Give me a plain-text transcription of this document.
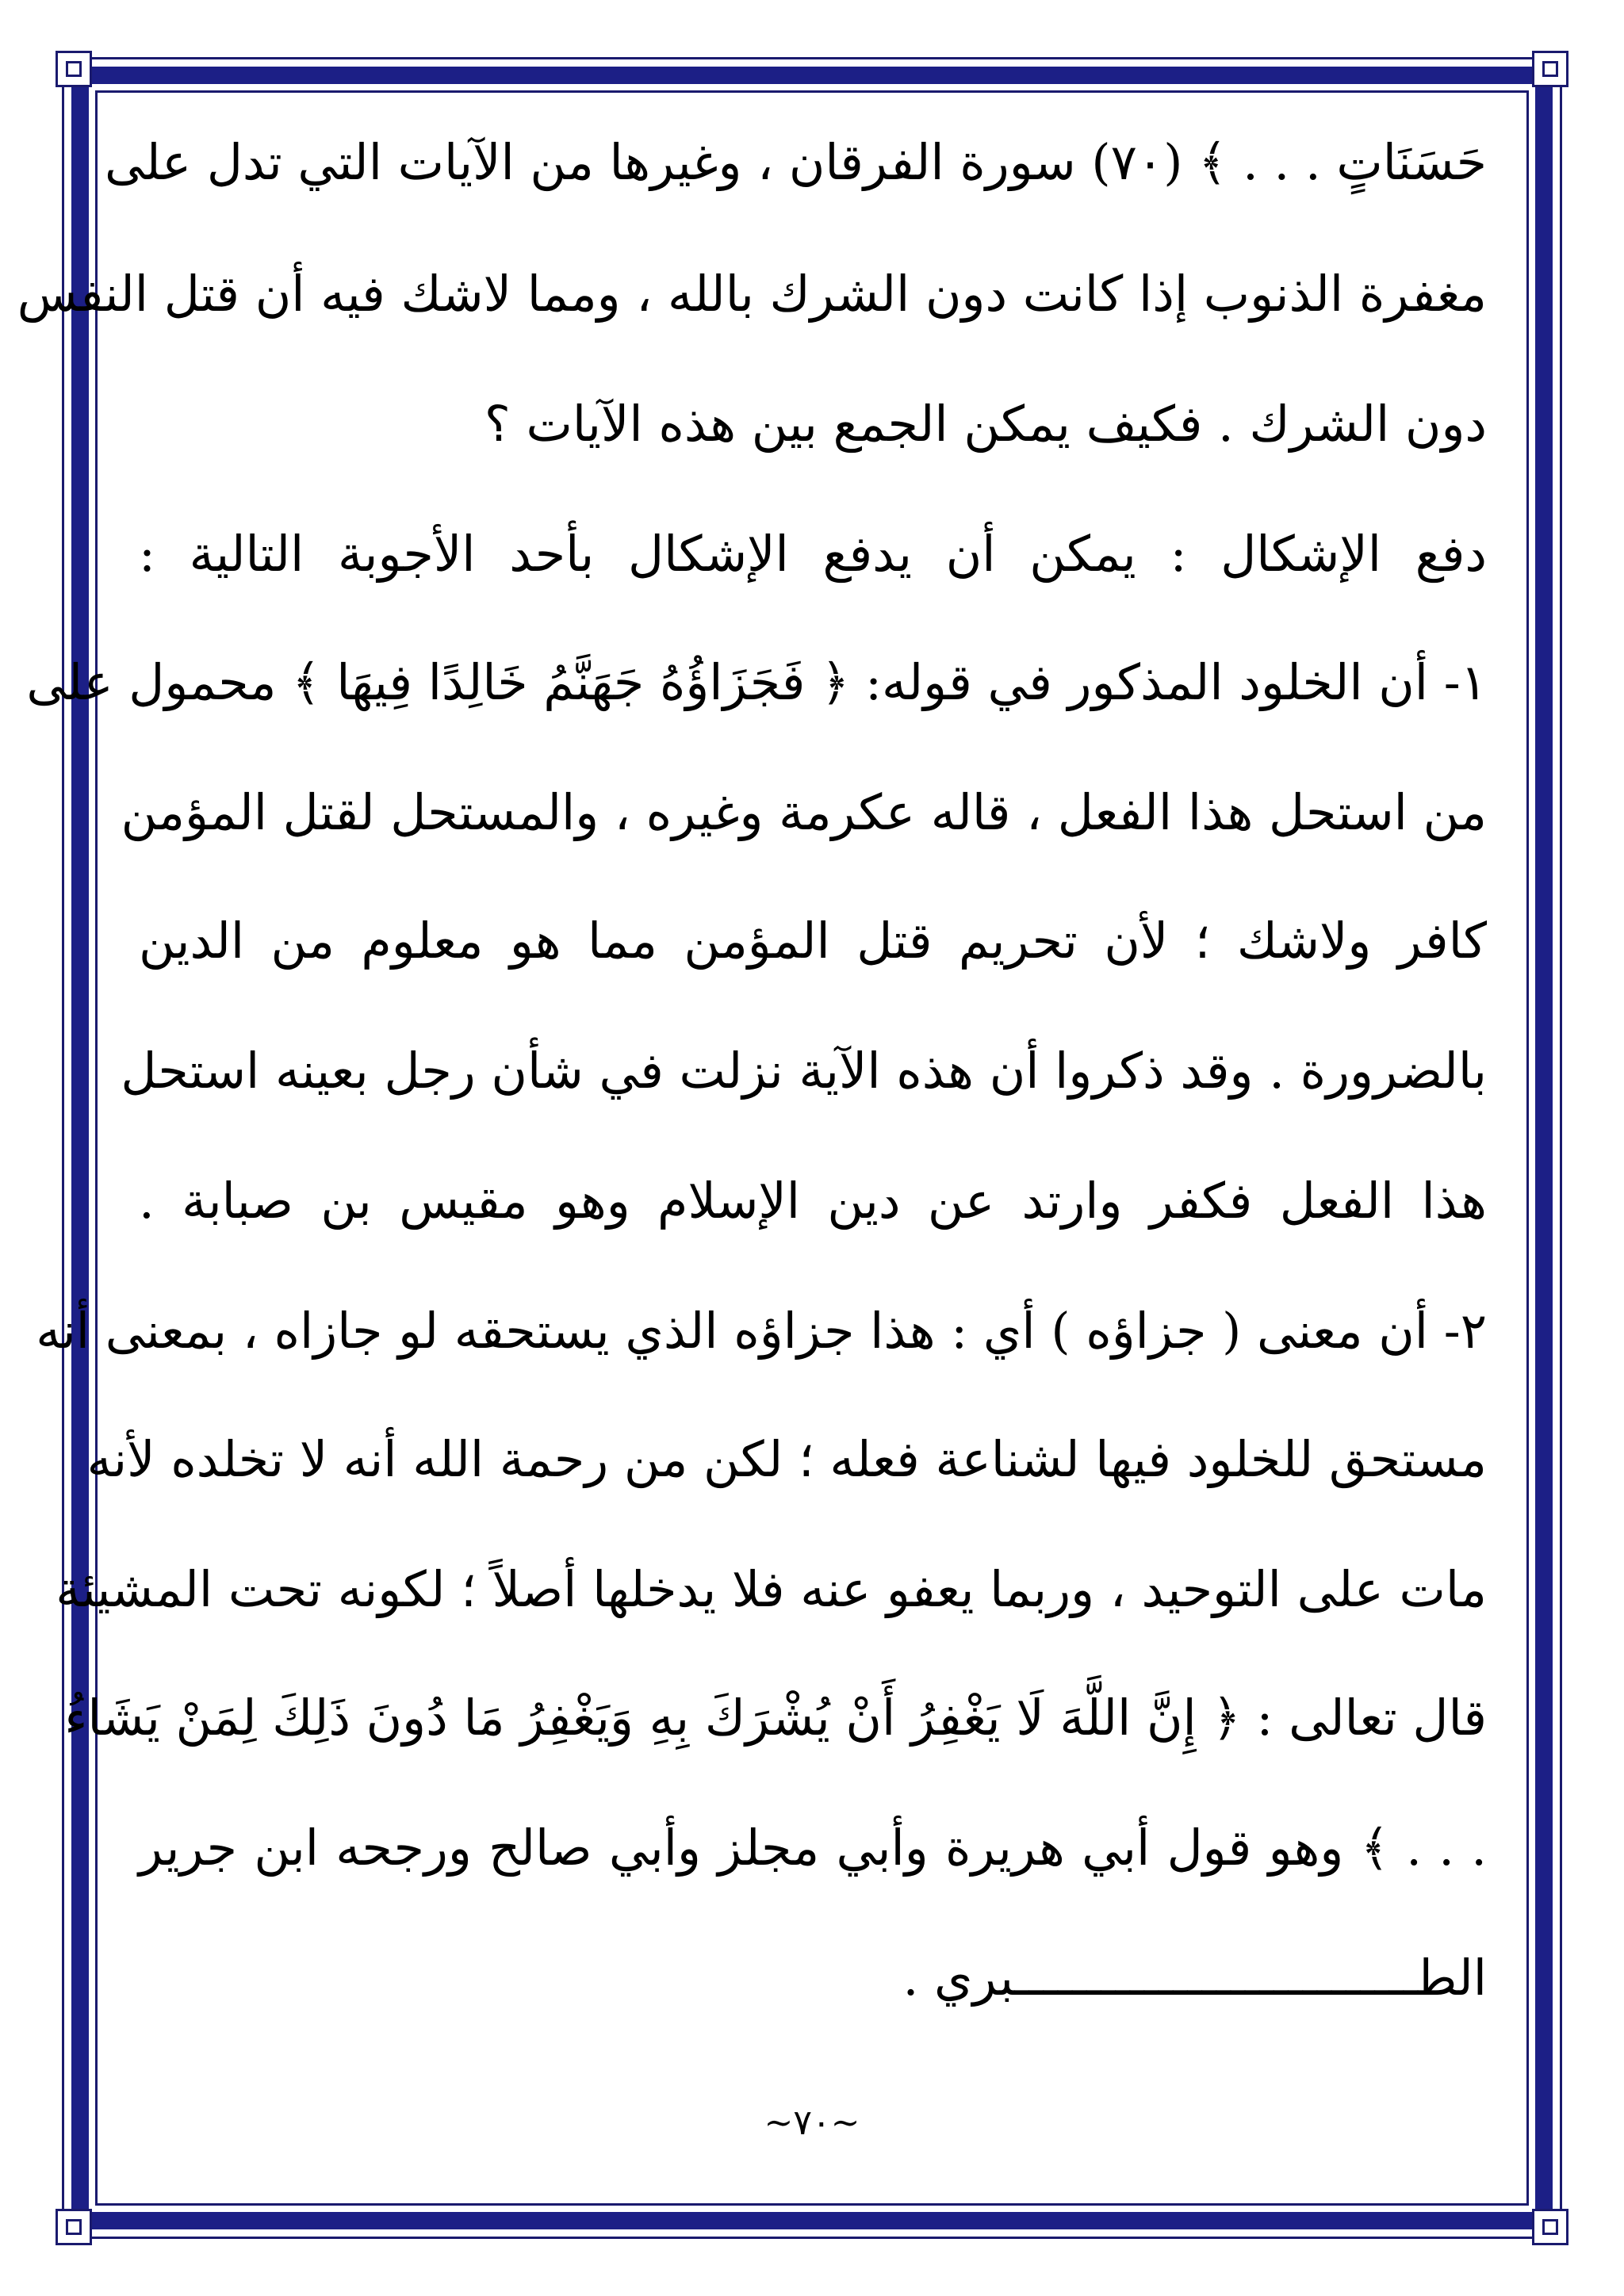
حَسَنَاتٍ . . . ﴾ (٧٠) سورة الفرقان ، وغيرها من الآيات التي تدل على
مغفرة الذنوب إذا كانت دون الشرك بالله ، ومما لاشك فيه أن قتل النفس
دون الشرك . فكيف يمكن الجمع بين هذه الآيات ؟
دفع الإشكال : يمكن أن يدفع الإشكال بأحد الأجوبة التالية :
١- أن الخلود المذكور في قوله: ﴿ فَجَزَاؤُهُ جَهَنَّمُ خَالِدًا فِيهَا ﴾ محمول على
من استحل هذا الفعل ، قاله عكرمة وغيره ، والمستحل لقتل المؤمن
كافر ولاشك ؛ لأن تحريم قتل المؤمن مما هو معلوم من الدين
بالضرورة . وقد ذكروا أن هذه الآية نزلت في شأن رجل بعينه استحل
هذا الفعل فكفر وارتد عن دين الإسلام وهو مقيس بن صبابة .
٢- أن معنى ( جزاؤه ) أي : هذا جزاؤه الذي يستحقه لو جازاه ، بمعنى أنه
مستحق للخلود فيها لشناعة فعله ؛ لكن من رحمة الله أنه لا تخلده لأنه
مات على التوحيد ، وربما يعفو عنه فلا يدخلها أصلاً ؛ لكونه تحت المشيئة
قال تعالى : ﴿ إِنَّ اللَّهَ لَا يَغْفِرُ أَنْ يُشْرَكَ بِهِ وَيَغْفِرُ مَا دُونَ ذَلِكَ لِمَنْ يَشَاءُ
. . . ﴾ وهو قول أبي هريرة وأبي مجلز وأبي صالح ورجحه ابن جرير
الطــــــــــــــــــــــــــــبري .
~٧٠~
